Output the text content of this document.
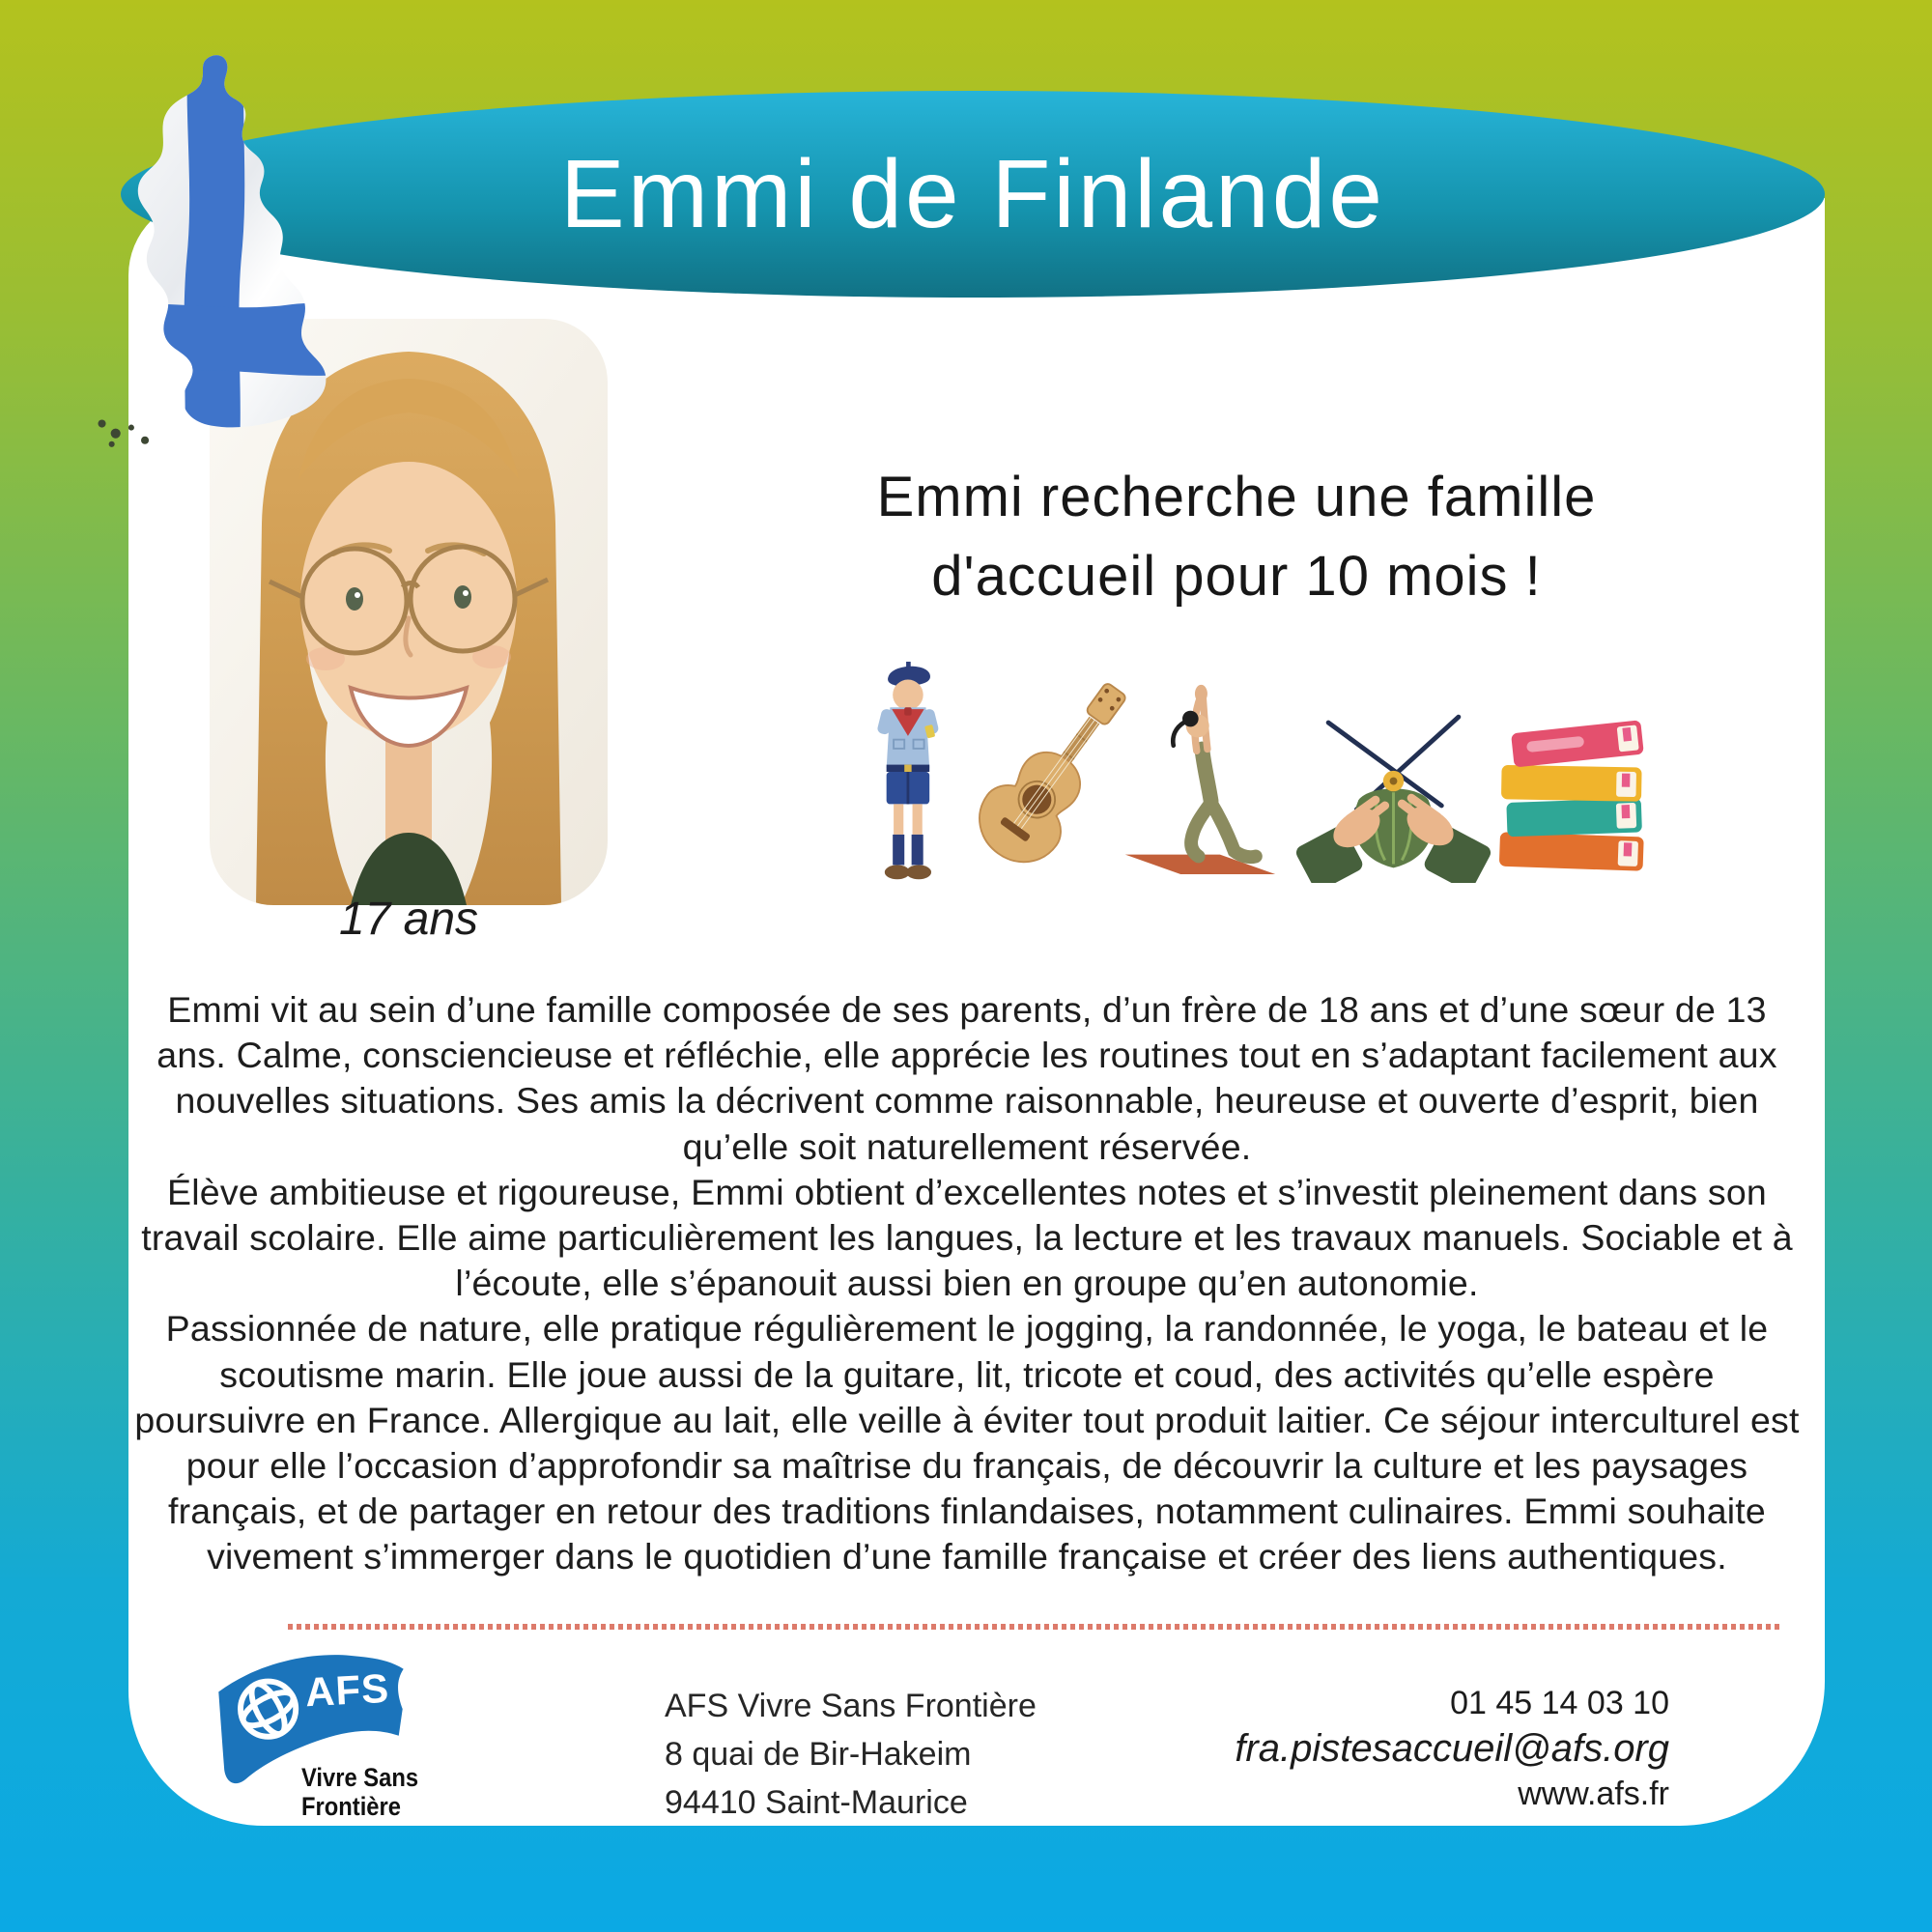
Emmi de Finlande
17 ans
Emmi recherche une famille
d'accueil pour 10 mois !

Emmi vit au sein d’une famille composée de ses parents, d’un frère de 18 ans et d’une sœur de 13 ans. Calme, consciencieuse et réfléchie, elle apprécie les routines tout en s’adaptant facilement aux nouvelles situations. Ses amis la décrivent comme raisonnable, heureuse et ouverte d’esprit, bien qu’elle soit naturellement réservée.

Élève ambitieuse et rigoureuse, Emmi obtient d’excellentes notes et s’investit pleinement dans son travail scolaire. Elle aime particulièrement les langues, la lecture et les travaux manuels. Sociable et à l’écoute, elle s’épanouit aussi bien en groupe qu’en autonomie.

Passionnée de nature, elle pratique régulièrement le jogging, la randonnée, le yoga, le bateau et le scoutisme marin. Elle joue aussi de la guitare, lit, tricote et coud, des activités qu’elle espère poursuivre en France. Allergique au lait, elle veille à éviter tout produit laitier. Ce séjour interculturel est pour elle l’occasion d’approfondir sa maîtrise du français, de découvrir la culture et les paysages français, et de partager en retour des traditions finlandaises, notamment culinaires. Emmi souhaite vivement s’immerger dans le quotidien d’une famille française et créer des liens authentiques.

AFS
Vivre Sans
Frontière
AFS Vivre Sans Frontière
8 quai de Bir-Hakeim
94410 Saint-Maurice
01 45 14 03 10
fra.pistesaccueil@afs.org
www.afs.fr
